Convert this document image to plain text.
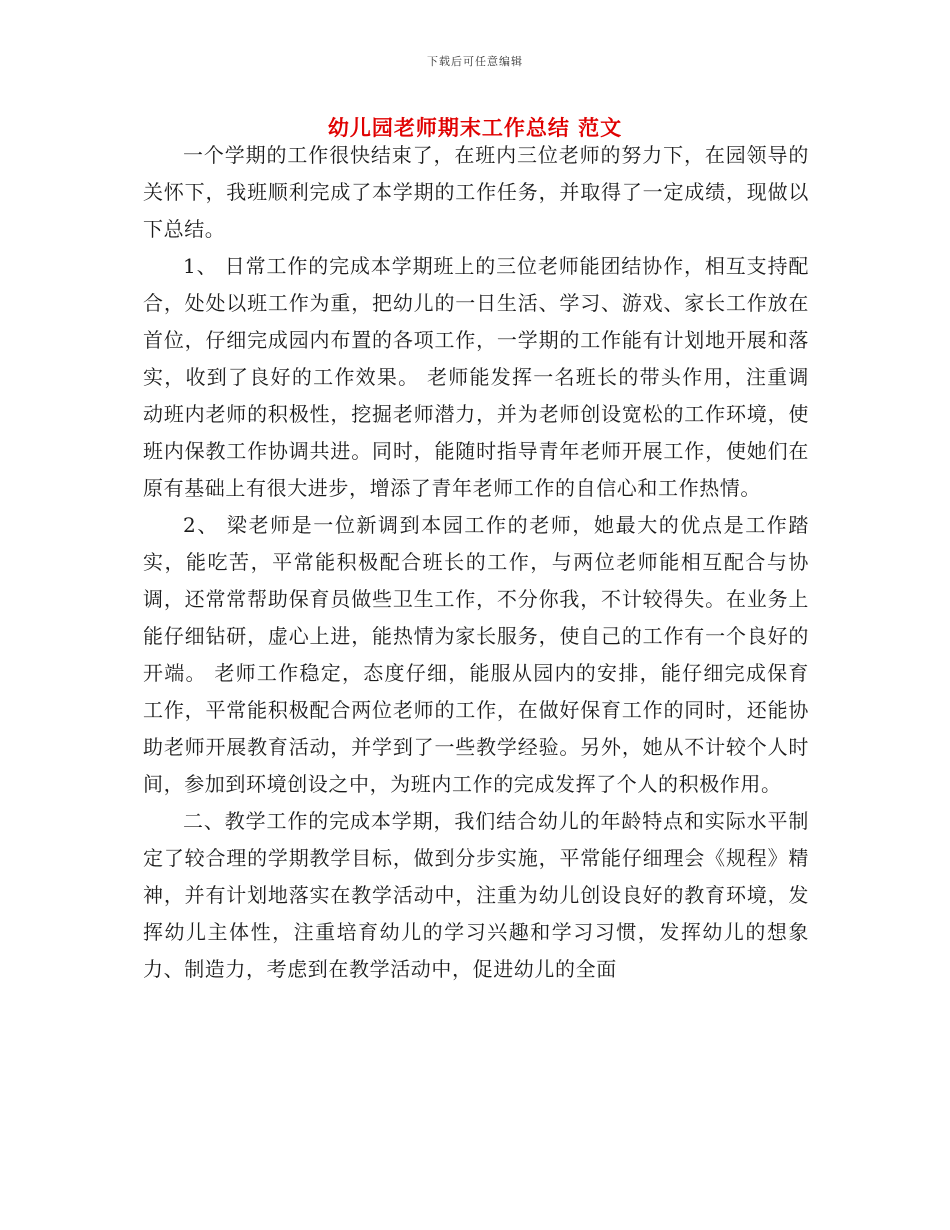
下载后可任意编辑
幼儿园老师期末工作总结 范文

一个学期的工作很快结束了，在班内三位老师的努力下，在园领导的关怀下，我班顺利完成了本学期的工作任务，并取得了一定成绩，现做以下总结。

1、 日常工作的完成本学期班上的三位老师能团结协作，相互支持配合，处处以班工作为重，把幼儿的一日生活、学习、游戏、家长工作放在首位，仔细完成园内布置的各项工作，一学期的工作能有计划地开展和落实，收到了良好的工作效果。 老师能发挥一名班长的带头作用，注重调动班内老师的积极性，挖掘老师潜力，并为老师创设宽松的工作环境，使班内保教工作协调共进。同时，能随时指导青年老师开展工作，使她们在原有基础上有很大进步，增添了青年老师工作的自信心和工作热情。

2、 梁老师是一位新调到本园工作的老师，她最大的优点是工作踏实，能吃苦，平常能积极配合班长的工作，与两位老师能相互配合与协调，还常常帮助保育员做些卫生工作，不分你我，不计较得失。在业务上能仔细钻研，虚心上进，能热情为家长服务，使自己的工作有一个良好的开端。 老师工作稳定，态度仔细，能服从园内的安排，能仔细完成保育工作，平常能积极配合两位老师的工作，在做好保育工作的同时，还能协助老师开展教育活动，并学到了一些教学经验。另外，她从不计较个人时间，参加到环境创设之中，为班内工作的完成发挥了个人的积极作用。

二、教学工作的完成本学期，我们结合幼儿的年龄特点和实际水平制定了较合理的学期教学目标，做到分步实施，平常能仔细理会《规程》精神，并有计划地落实在教学活动中，注重为幼儿创设良好的教育环境，发挥幼儿主体性，注重培育幼儿的学习兴趣和学习习惯，发挥幼儿的想象力、制造力，考虑到在教学活动中，促进幼儿的全面
